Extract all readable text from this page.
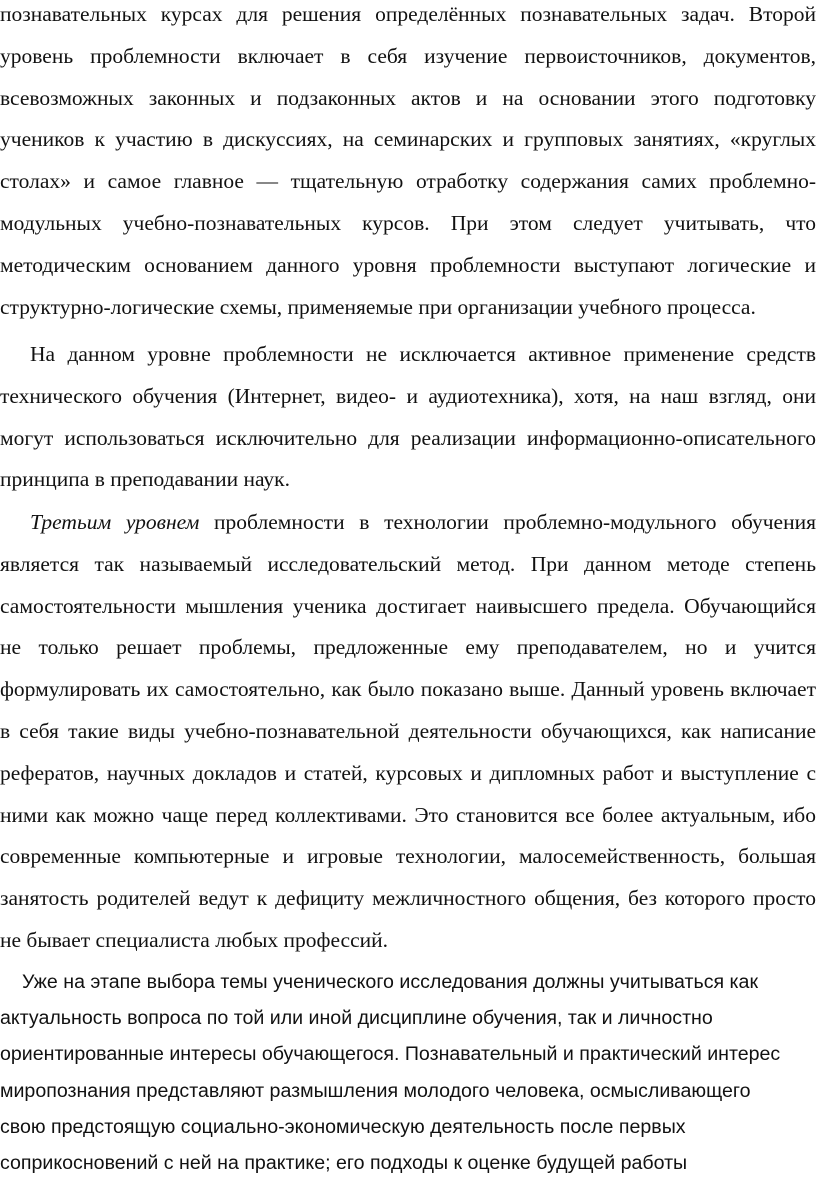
познавательных курсах для решения определённых познавательных задач. Второй уровень проблемности включает в себя изучение первоисточников, документов, всевозможных законных и подзаконных актов и на основании этого подготовку учеников к участию в дискуссиях, на семинарских и групповых занятиях, «круглых столах» и самое главное — тщательную отработку содержания самих проблемно-модульных учебно-познавательных курсов. При этом следует учитывать, что методическим основанием данного уровня проблемности выступают логические и структурно-логические схемы, применяемые при организации учебного процесса.

На данном уровне проблемности не исключается активное применение средств технического обучения (Интернет, видео- и аудиотехника), хотя, на наш взгляд, они могут использоваться исключительно для реализации информационно-описательного принципа в преподавании наук.

Третьим уровнем проблемности в технологии проблемно-модульного обучения является так называемый исследовательский метод. При данном методе степень самостоятельности мышления ученика достигает наивысшего предела. Обучающийся не только решает проблемы, предложенные ему преподавателем, но и учится формулировать их самостоятельно, как было показано выше. Данный уровень включает в себя такие виды учебно-познавательной деятельности обучающихся, как написание рефератов, научных докладов и статей, курсовых и дипломных работ и выступление с ними как можно чаще перед коллективами. Это становится все более актуальным, ибо современные компьютерные и игровые технологии, малосемейственность, большая занятость родителей ведут к дефициту межличностного общения, без которого просто не бывает специалиста любых профессий.

Уже на этапе выбора темы ученического исследования должны учитываться как
актуальность вопроса по той или иной дисциплине обучения, так и личностно
ориентированные интересы обучающегося. Познавательный и практический интерес
миропознания представляют размышления молодого человека, осмысливающего
свою предстоящую социально-экономическую деятельность после первых
соприкосновений с ней на практике; его подходы к оценке будущей работы
